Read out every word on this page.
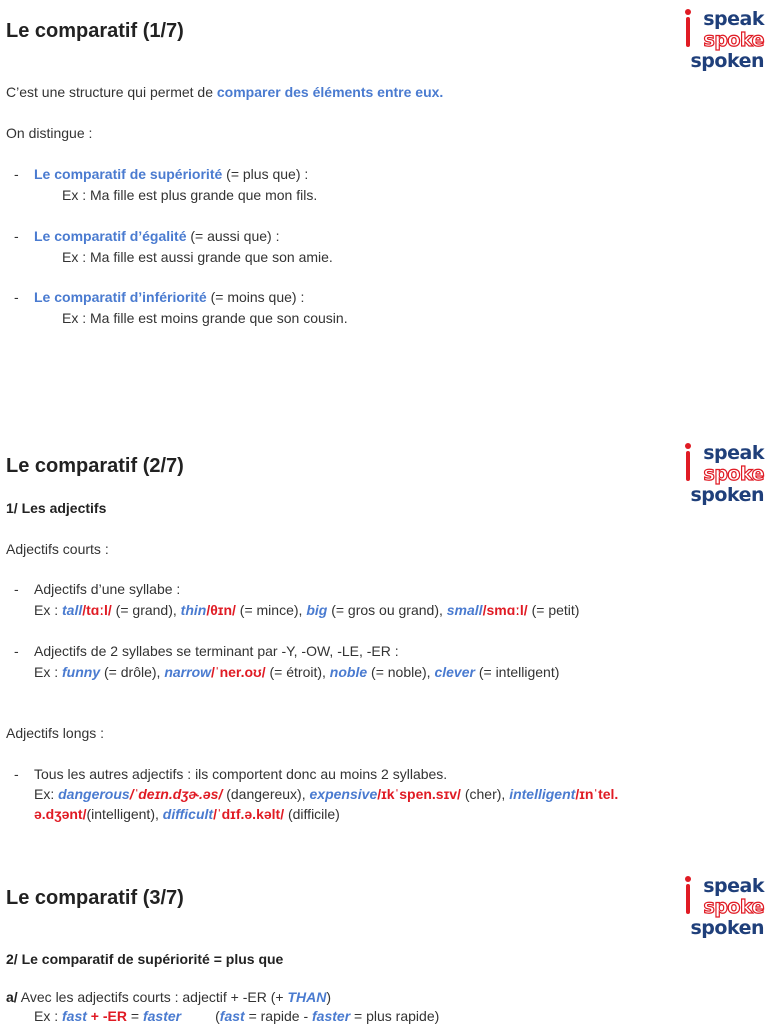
Le comparatif (1/7)
speak
spoke
spoken
C’est une structure qui permet de comparer des éléments entre eux.
On distingue :
- Le comparatif de supériorité (= plus que) :
Ex : Ma fille est plus grande que mon fils.
- Le comparatif d’égalité (= aussi que) :
Ex : Ma fille est aussi grande que son amie.
- Le comparatif d’infériorité (= moins que) :
Ex : Ma fille est moins grande que son cousin.
Le comparatif (2/7)
speak
spoke
spoken
1/ Les adjectifs
Adjectifs courts :
- Adjectifs d’une syllabe :
Ex : tall/tɑːl/ (= grand), thin/θɪn/ (= mince), big (= gros ou grand), small/smɑːl/ (= petit)
- Adjectifs de 2 syllabes se terminant par -Y, -OW, -LE, -ER :
Ex : funny (= drôle), narrow/ˈner.oʊ/ (= étroit), noble (= noble), clever (= intelligent)
Adjectifs longs :
- Tous les autres adjectifs : ils comportent donc au moins 2 syllabes.
Ex: dangerous/ˈdeɪn.dʒɚ.əs/ (dangereux), expensive/ɪkˈspen.sɪv/ (cher), intelligent/ɪnˈtel.
ə.dʒənt/(intelligent), difficult/ˈdɪf.ə.kəlt/ (difficile)
Le comparatif (3/7)
speak
spoke
spoken
2/ Le comparatif de supériorité = plus que
a/ Avec les adjectifs courts : adjectif + -ER (+ THAN)
Ex : fast + -ER = faster (fast = rapide - faster = plus rapide)
